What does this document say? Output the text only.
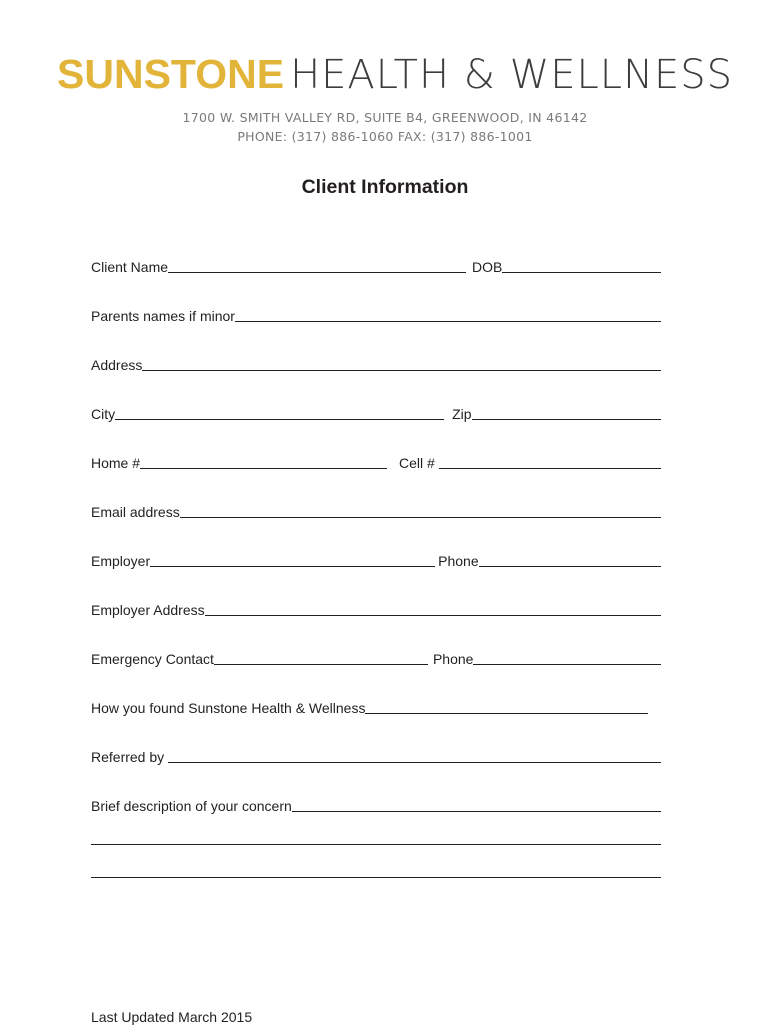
SUNSTONE HEALTH & WELLNESS
1700 W. SMITH VALLEY RD, SUITE B4, GREENWOOD, IN 46142
PHONE: (317) 886-1060 FAX: (317) 886-1001
Client Information
Client Name	DOB
Parents names if minor
Address
City	Zip
Home #	Cell #
Email address
Employer	Phone
Employer Address
Emergency Contact	Phone
How you found Sunstone Health & Wellness
Referred by
Brief description of your concern
Last Updated March 2015
